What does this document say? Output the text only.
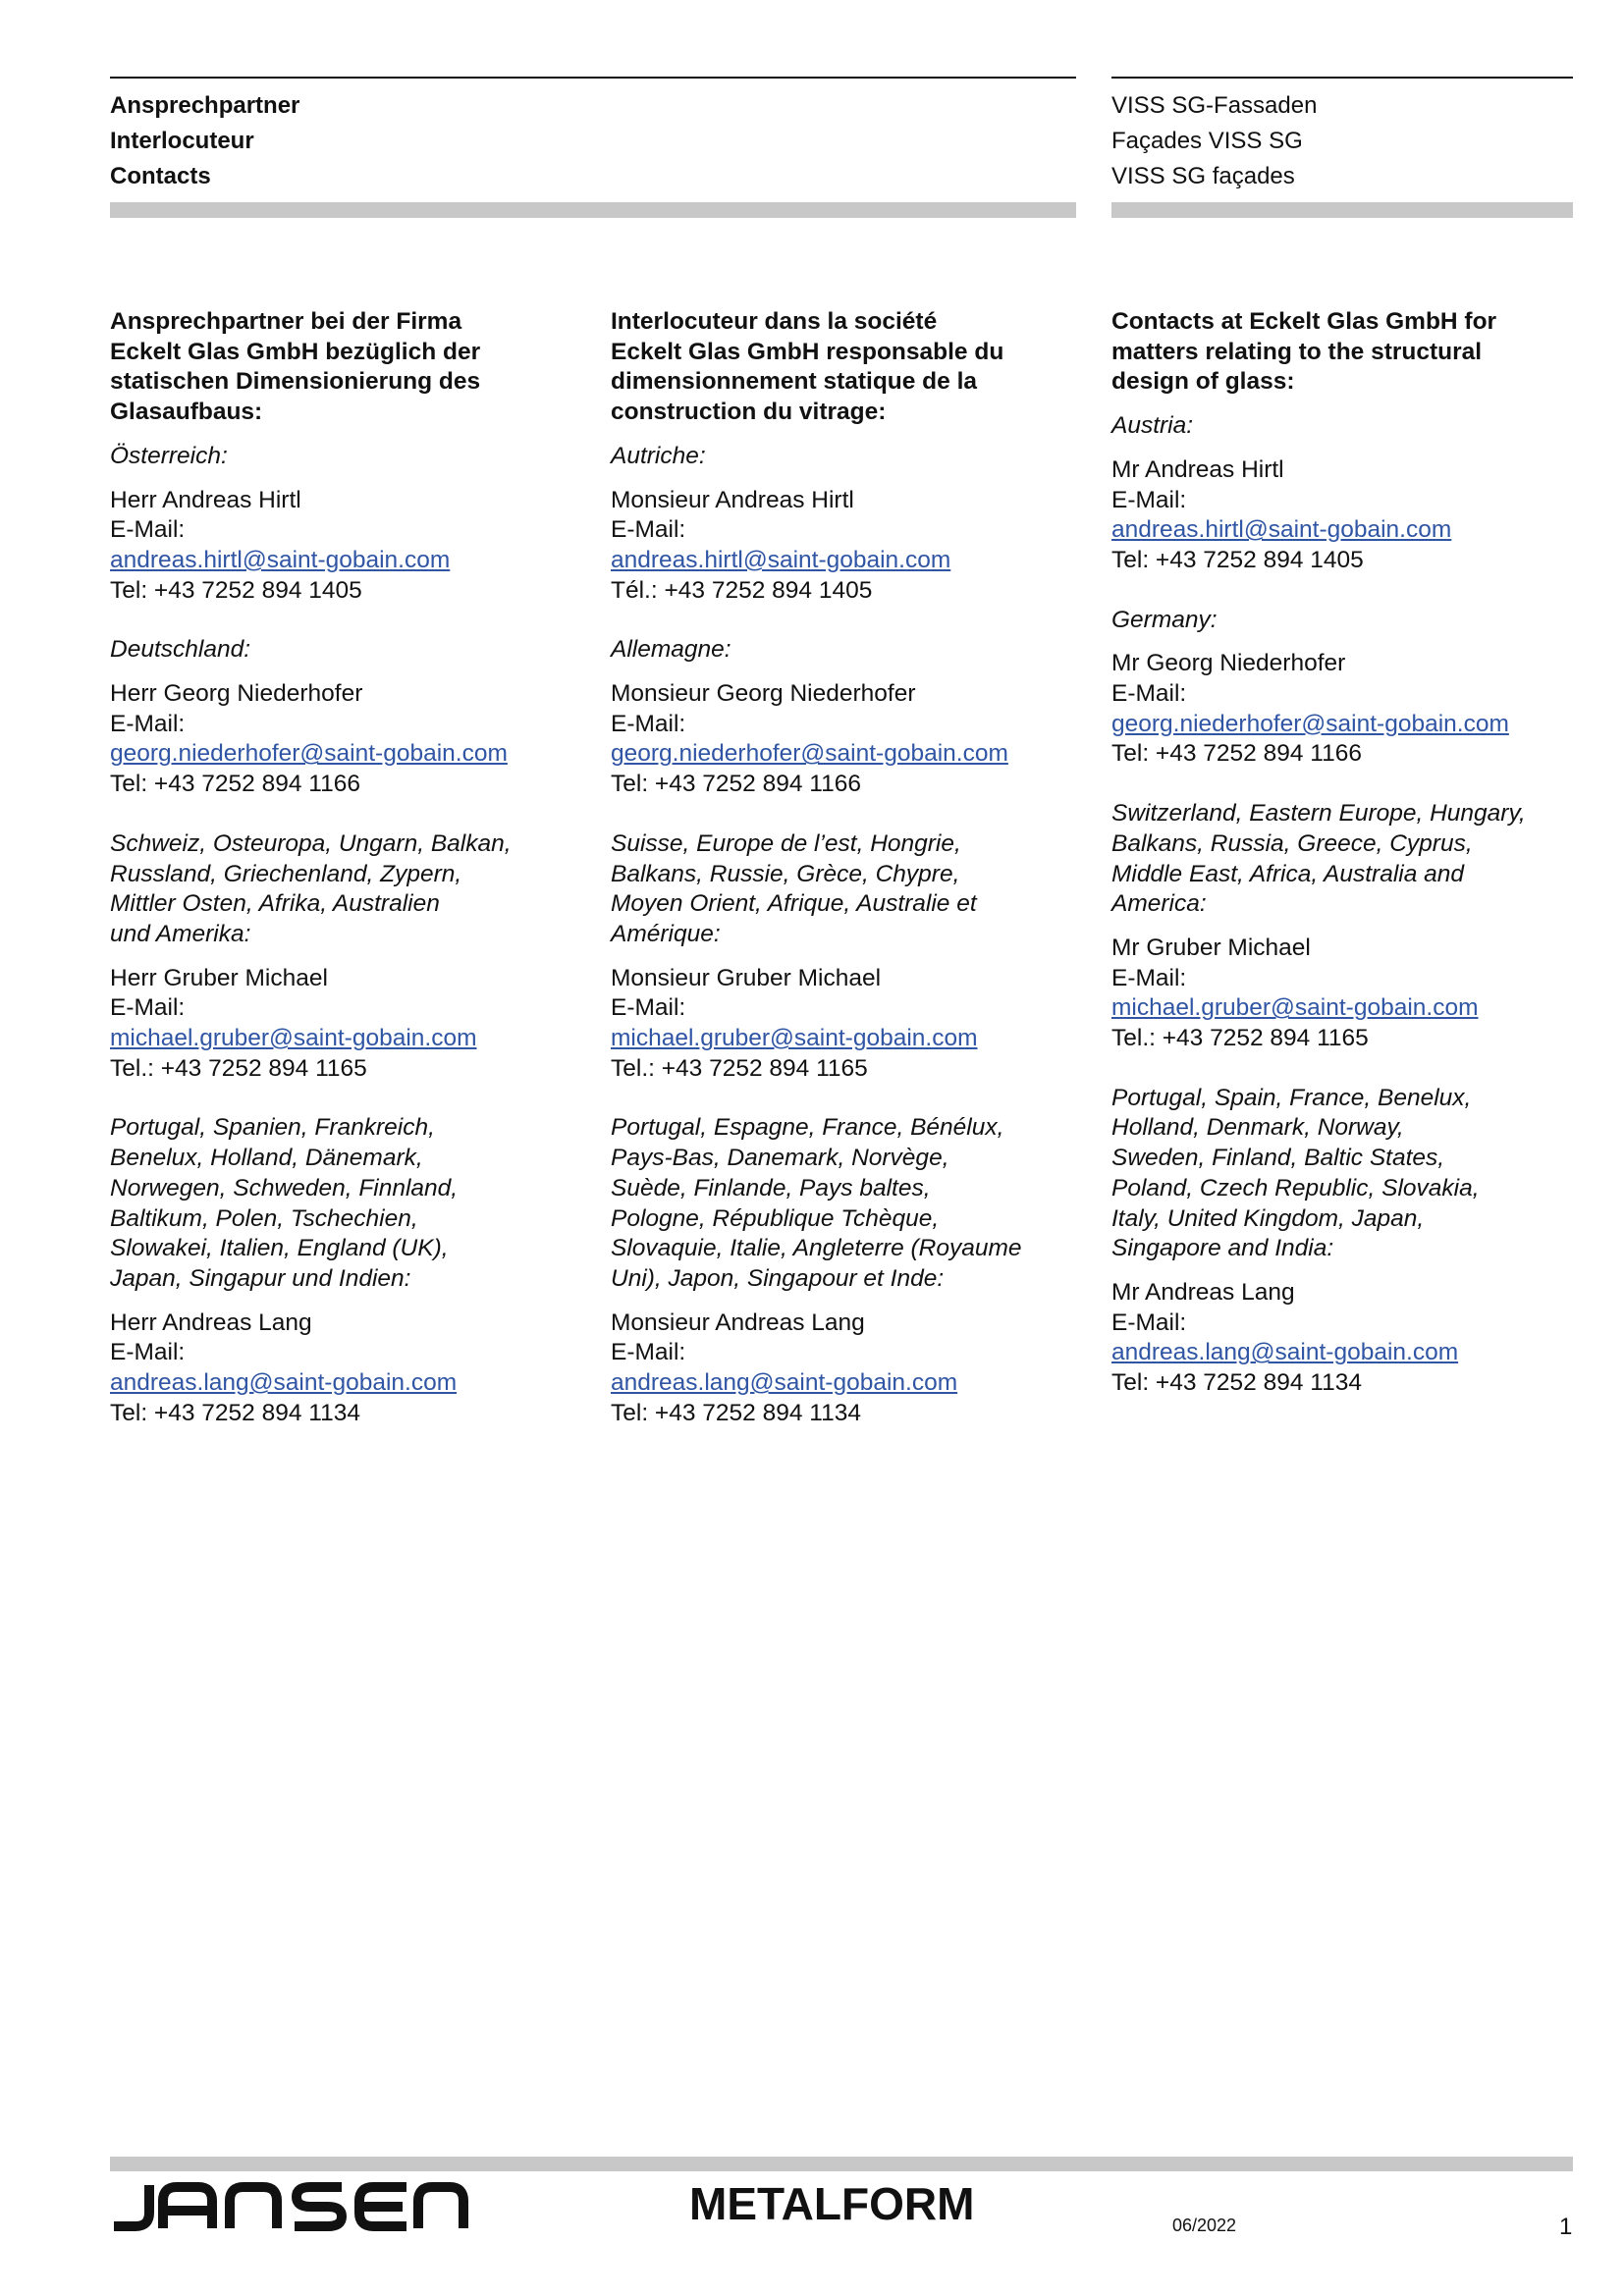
Ansprechpartner
Interlocuteur
Contacts
VISS SG-Fassaden
Façades VISS SG
VISS SG façades
Ansprechpartner bei der Firma
Eckelt Glas GmbH bezüglich der
statischen Dimensionierung des
Glasaufbaus:
Österreich:
Herr Andreas Hirtl
E-Mail:
andreas.hirtl@saint-gobain.com
Tel: +43 7252 894 1405
Deutschland:
Herr Georg Niederhofer
E-Mail:
georg.niederhofer@saint-gobain.com
Tel: +43 7252 894 1166
Schweiz, Osteuropa, Ungarn, Balkan,
Russland, Griechenland, Zypern,
Mittler Osten, Afrika, Australien
und Amerika:
Herr Gruber Michael
E-Mail:
michael.gruber@saint-gobain.com
Tel.: +43 7252 894 1165
Portugal, Spanien, Frankreich,
Benelux, Holland, Dänemark,
Norwegen, Schweden, Finnland,
Baltikum, Polen, Tschechien,
Slowakei, Italien, England (UK),
Japan, Singapur und Indien:
Herr Andreas Lang
E-Mail:
andreas.lang@saint-gobain.com
Tel: +43 7252 894 1134
Interlocuteur dans la société
Eckelt Glas GmbH responsable du
dimensionnement statique de la
construction du vitrage:
Autriche:
Monsieur Andreas Hirtl
E-Mail:
andreas.hirtl@saint-gobain.com
Tél.: +43 7252 894 1405
Allemagne:
Monsieur Georg Niederhofer
E-Mail:
georg.niederhofer@saint-gobain.com
Tel: +43 7252 894 1166
Suisse, Europe de l’est, Hongrie,
Balkans, Russie, Grèce, Chypre,
Moyen Orient, Afrique, Australie et
Amérique:
Monsieur Gruber Michael
E-Mail:
michael.gruber@saint-gobain.com
Tel.: +43 7252 894 1165
Portugal, Espagne, France, Bénélux,
Pays-Bas, Danemark, Norvège,
Suède, Finlande, Pays baltes,
Pologne, République Tchèque,
Slovaquie, Italie, Angleterre (Royaume
Uni), Japon, Singapour et Inde:
Monsieur Andreas Lang
E-Mail:
andreas.lang@saint-gobain.com
Tel: +43 7252 894 1134
Contacts at Eckelt Glas GmbH for
matters relating to the structural
design of glass:
Austria:
Mr Andreas Hirtl
E-Mail:
andreas.hirtl@saint-gobain.com
Tel: +43 7252 894 1405
Germany:
Mr Georg Niederhofer
E-Mail:
georg.niederhofer@saint-gobain.com
Tel: +43 7252 894 1166
Switzerland, Eastern Europe, Hungary,
Balkans, Russia, Greece, Cyprus,
Middle East, Africa, Australia and
America:
Mr Gruber Michael
E-Mail:
michael.gruber@saint-gobain.com
Tel.: +43 7252 894 1165
Portugal, Spain, France, Benelux,
Holland, Denmark, Norway,
Sweden, Finland, Baltic States,
Poland, Czech Republic, Slovakia,
Italy, United Kingdom, Japan,
Singapore and India:
Mr Andreas Lang
E-Mail:
andreas.lang@saint-gobain.com
Tel: +43 7252 894 1134
JANSEN	METALFORM	06/2022	1
